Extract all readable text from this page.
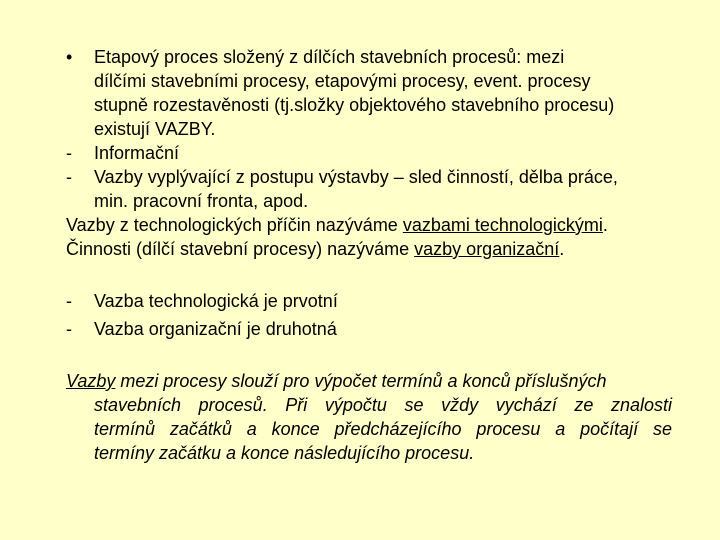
• Etapový proces složený z dílčích stavebních procesů: mezi
dílčími stavebními procesy, etapovými procesy, event. procesy
stupně rozestavěnosti (tj.složky objektového stavebního procesu)
existují VAZBY.
- Informační
- Vazby vyplývající z postupu výstavby – sled činností, dělba práce,
min. pracovní fronta, apod.
Vazby z technologických příčin nazýváme vazbami technologickými.
Činnosti (dílčí stavební procesy) nazýváme vazby organizační.
- Vazba technologická je prvotní
- Vazba organizační je druhotná
Vazby mezi procesy slouží pro výpočet termínů a konců příslušných
stavebních procesů. Při výpočtu se vždy vychází ze znalosti
termínů začátků a konce předcházejícího procesu a počítají se
termíny začátku a konce následujícího procesu.
